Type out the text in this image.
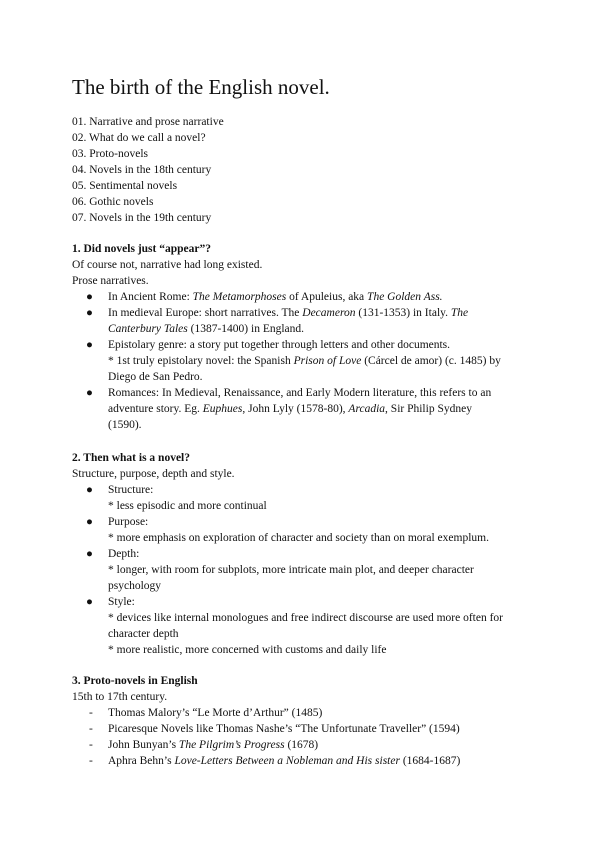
The birth of the English novel.
01. Narrative and prose narrative
02. What do we call a novel?
03. Proto-novels
04. Novels in the 18th century
05. Sentimental novels
06. Gothic novels
07. Novels in the 19th century
1. Did novels just “appear”?
Of course not, narrative had long existed.
Prose narratives.
● In Ancient Rome: The Metamorphoses of Apuleius, aka The Golden Ass.
● In medieval Europe: short narratives. The Decameron (131-1353) in Italy. The
Canterbury Tales (1387-1400) in England.
● Epistolary genre: a story put together through letters and other documents.
* 1st truly epistolary novel: the Spanish Prison of Love (Cárcel de amor) (c. 1485) by
Diego de San Pedro.
● Romances: In Medieval, Renaissance, and Early Modern literature, this refers to an
adventure story. Eg. Euphues, John Lyly (1578-80), Arcadia, Sir Philip Sydney
(1590).
2. Then what is a novel?
Structure, purpose, depth and style.
● Structure:
* less episodic and more continual
● Purpose:
* more emphasis on exploration of character and society than on moral exemplum.
● Depth:
* longer, with room for subplots, more intricate main plot, and deeper character
psychology
● Style:
* devices like internal monologues and free indirect discourse are used more often for
character depth
* more realistic, more concerned with customs and daily life
3. Proto-novels in English
15th to 17th century.
- Thomas Malory’s “Le Morte d’Arthur” (1485)
- Picaresque Novels like Thomas Nashe’s “The Unfortunate Traveller” (1594)
- John Bunyan’s The Pilgrim’s Progress (1678)
- Aphra Behn’s Love-Letters Between a Nobleman and His sister (1684-1687)
